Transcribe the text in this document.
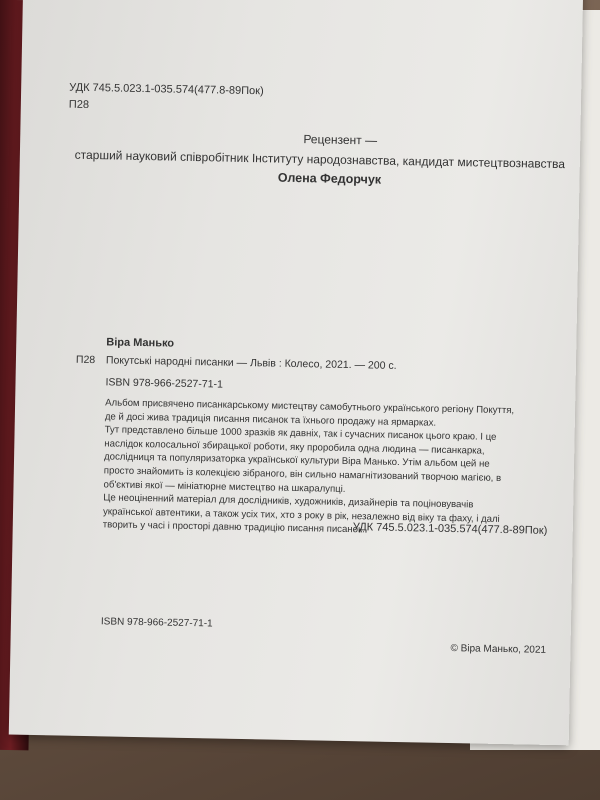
УДК 745.5.023.1-035.574(477.8-89Пок)
П28
Рецензент —
старший науковий співробітник Інституту народознавства, кандидат мистецтвознавства
Олена Федорчук
Віра Манько
П28 Покутські народні писанки — Львів : Колесо, 2021. — 200 с.
ISBN 978-966-2527-71-1

Альбом присвячено писанкарському мистецтву самобутнього українського регіону Покуття, де й досі жива традиція писання писанок та їхнього продажу на ярмарках.

Тут представлено більше 1000 зразків як давніх, так і сучасних писанок цього краю. І це наслідок колосальної збирацької роботи, яку проробила одна людина — писанкарка, дослідниця та популяризаторка української культури Віра Манько. Утім альбом цей не просто знайомить із колекцією зібраного, він сильно намагнітизований творчою магією, в об'єктиві якої — мініатюрне мистецтво на шкаралупці.

Це неоціненний матеріал для дослідників, художників, дизайнерів та поціновувачів української автентики, а також усіх тих, хто з року в рік, незалежно від віку та фаху, і далі творить у часі і просторі давню традицію писання писанок.

УДК 745.5.023.1-035.574(477.8-89Пок)
ISBN 978-966-2527-71-1
© Віра Манько, 2021
